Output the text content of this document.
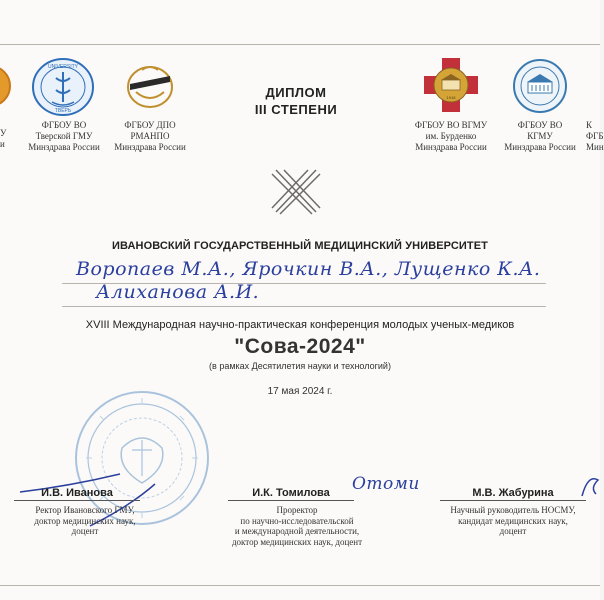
У
и
UNIVERSITY
ТВЕРЬ
ФГБОУ ВО
Тверской ГМУ
Минздрава России
ФГБОУ ДПО
РМАНПО
Минздрава России
ДИПЛОМ
III СТЕПЕНИ
1918
ФГБОУ ВО ВГМУ
им. Бурденко
Минздрава России
ФГБОУ ВО
КГМУ
Минздрава России
К
ФГБ
Мин
ИВАНОВСКИЙ ГОСУДАРСТВЕННЫЙ МЕДИЦИНСКИЙ УНИВЕРСИТЕТ
Воропаев М.А., Ярочкин В.А., Лущенко К.А.
Алиханова А.И.
XVIII Международная научно-практическая конференция молодых ученых-медиков
"Сова-2024"
(в рамках Десятилетия науки и технологий)
17 мая 2024 г.
Отоми
И.В. Иванова
Ректор Ивановского ГМУ,
доктор медицинских наук,
доцент
И.К. Томилова
Проректор
по научно-исследовательской
и международной деятельности,
доктор медицинских наук, доцент
М.В. Жабурина
Научный руководитель НОСМУ,
кандидат медицинских наук,
доцент
